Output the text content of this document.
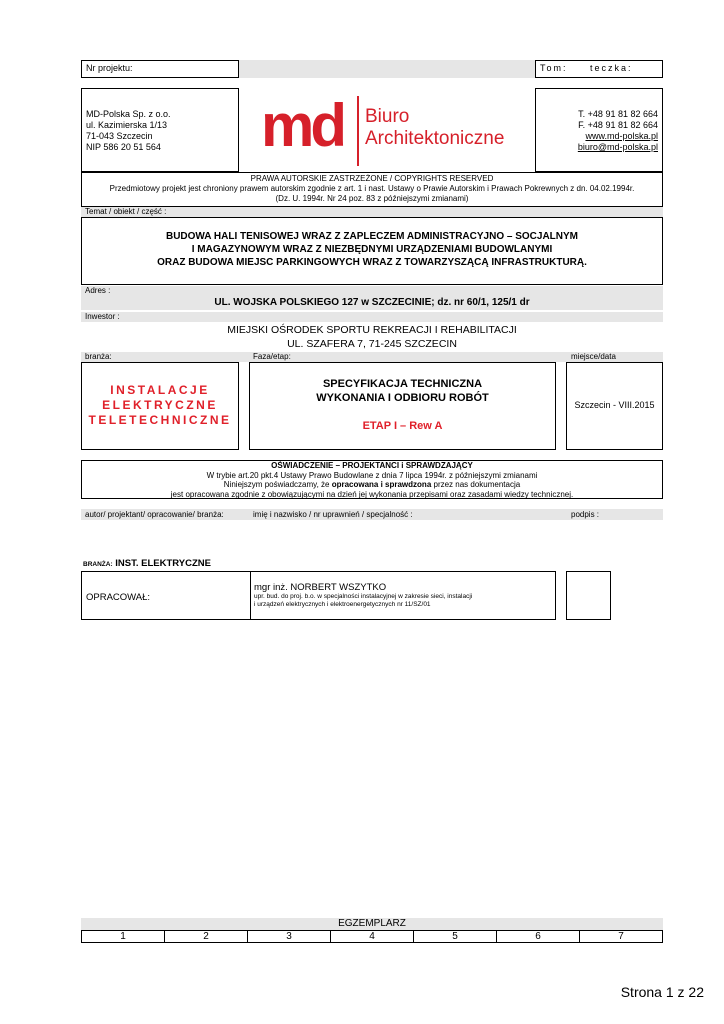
Nr projektu:	Tom:	teczka:
MD-Polska Sp. z o.o.
ul. Kazimierska 1/13
71-043 Szczecin
NIP 586 20 51 564	md Biuro
Architektoniczne
T. +48 91 81 82 664
F. +48 91 81 82 664
www.md-polska.pl
biuro@md-polska.pl
PRAWA AUTORSKIE ZASTRZEŻONE / COPYRIGHTS RESERVED
Przedmiotowy projekt jest chroniony prawem autorskim zgodnie z art. 1 i nast. Ustawy o Prawie Autorskim i Prawach Pokrewnych z dn. 04.02.1994r.
(Dz. U. 1994r. Nr 24 poz. 83 z późniejszymi zmianami)
Temat / obiekt / część :
BUDOWA HALI TENISOWEJ WRAZ Z ZAPLECZEM ADMINISTRACYJNO – SOCJALNYM
I MAGAZYNOWYM WRAZ Z NIEZBĘDNYMI URZĄDZENIAMI BUDOWLANYMI
ORAZ BUDOWA MIEJSC PARKINGOWYCH WRAZ Z TOWARZYSZĄCĄ INFRASTRUKTURĄ.
Adres :
UL. WOJSKA POLSKIEGO 127 w SZCZECINIE; dz. nr 60/1, 125/1 dr
Inwestor :
MIEJSKI OŚRODEK SPORTU REKREACJI I REHABILITACJI
UL. SZAFERA 7, 71-245 SZCZECIN
branża:	Faza/etap:	miejsce/data
INSTALACJE
ELEKTRYCZNE
TELETECHNICZNE
SPECYFIKACJA TECHNICZNA
WYKONANIA I ODBIORU ROBÓT
ETAP I – Rew A
Szczecin - VIII.2015
OŚWIADCZENIE – PROJEKTANCI i SPRAWDZAJĄCY
W trybie art.20 pkt.4 Ustawy Prawo Budowlane z dnia 7 lipca 1994r. z późniejszymi zmianami
Niniejszym poświadczamy, że opracowana i sprawdzona przez nas dokumentacja
jest opracowana zgodnie z obowiązującymi na dzień jej wykonania przepisami oraz zasadami wiedzy technicznej.
autor/ projektant/ opracowanie/ branża:	imię i nazwisko / nr uprawnień / specjalność :	podpis :
BRANŻA: INST. ELEKTRYCZNE
OPRACOWAŁ:
mgr inż. NORBERT WSZYTKO
upr. bud. do proj. b.o. w specjalności instalacyjnej w zakresie sieci, instalacji
i urządzeń elektrycznych i elektroenergetycznych nr 11/SZ/01
EGZEMPLARZ
1	2	3	4	5	6	7
Strona 1 z 22
